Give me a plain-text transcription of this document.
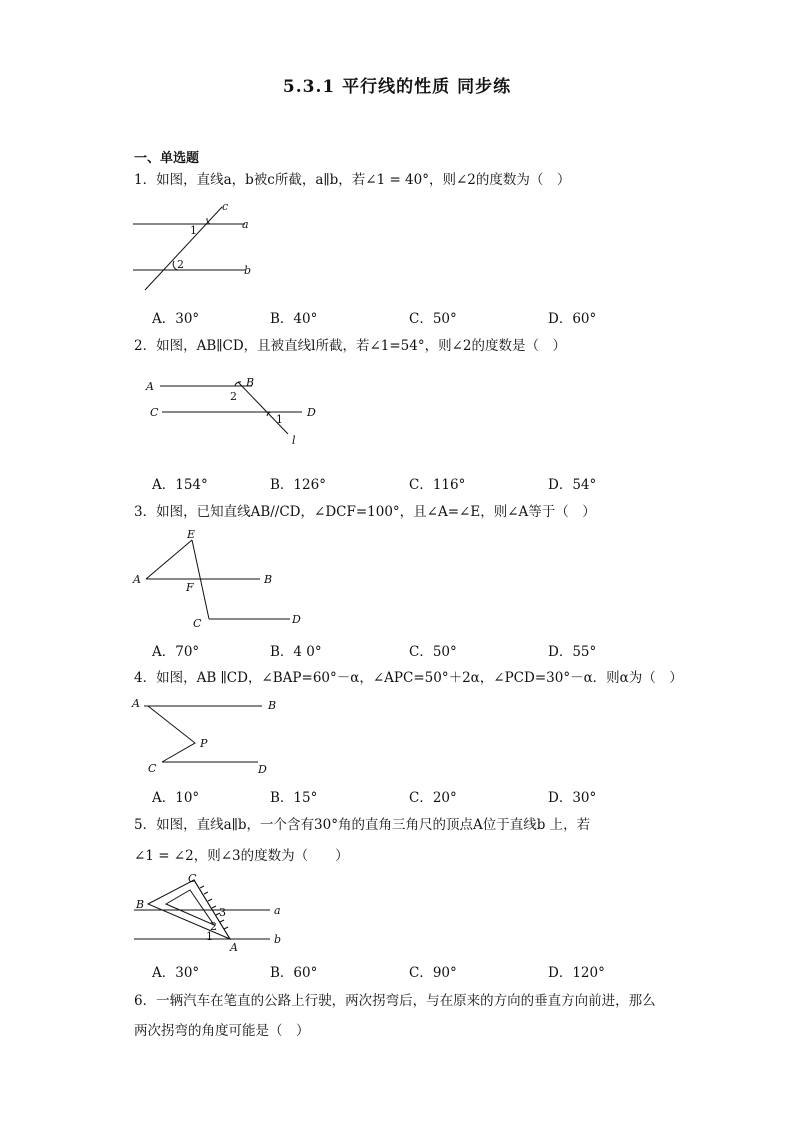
5.3.1 平行线的性质 同步练
一、单选题
1．如图，直线a，b被c所截，a∥b，若∠1 = 40°，则∠2的度数为（　）
c
a
b
1
2
A．30°	B．40°	C．50°	D．60°
2．如图，AB∥CD，且被直线l所截，若∠1=54°，则∠2的度数是（　）
A	B
C	D
2
1
l
A．154°	B．126°	C．116°	D．54°
3．如图，已知直线AB//CD，∠DCF=100°，且∠A=∠E，则∠A等于（　）
E
A	B
F
C	D
A．70°	B．4 0°	C．50°	D．55°
4．如图，AB ∥CD，∠BAP=60°－α，∠APC=50°＋2α，∠PCD=30°－α．则α为（　）
A	B
P
C	D
A．10°	B．15°	C．20°	D．30°
5．如图，直线a∥b，一个含有30°角的直角三角尺的顶点A位于直线b 上，若
∠1 = ∠2，则∠3的度数为（　　）
C
B
A
a
b
3
2
1
A．30°	B．60°	C．90°	D．120°
6．一辆汽车在笔直的公路上行驶，两次拐弯后，与在原来的方向的垂直方向前进，那么两次拐弯的角度可能是（　）
